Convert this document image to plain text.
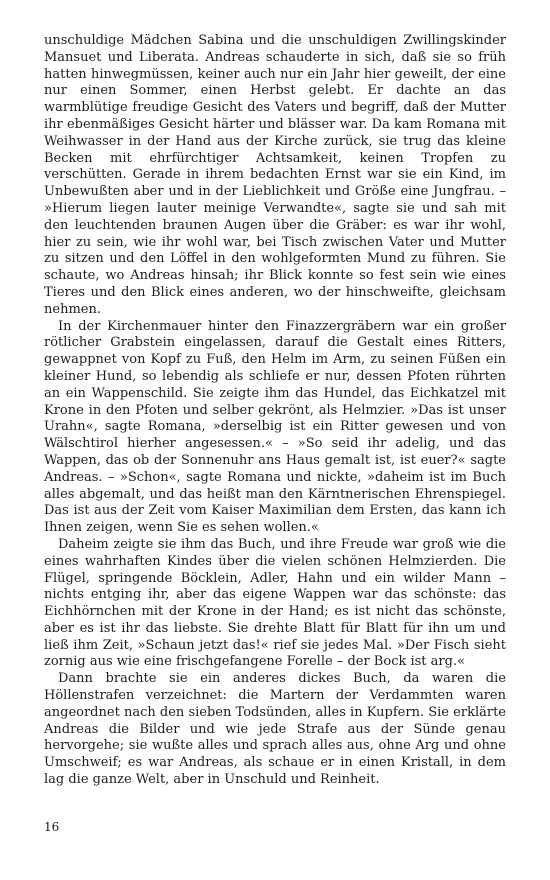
unschuldige Mädchen Sabina und die unschuldigen Zwillingskinder Mansuet und Liberata. Andreas schauderte in sich, daß sie so früh hatten hinwegmüssen, keiner auch nur ein Jahr hier geweilt, der eine nur einen Sommer, einen Herbst gelebt. Er dachte an das warmblütige freudige Gesicht des Vaters und begriff, daß der Mutter ihr ebenmäßiges Gesicht härter und blässer war. Da kam Romana mit Weihwasser in der Hand aus der Kirche zurück, sie trug das kleine Becken mit ehrfürchtiger Achtsamkeit, keinen Tropfen zu verschütten. Gerade in ihrem bedachten Ernst war sie ein Kind, im Unbewußten aber und in der Lieblichkeit und Größe eine Jungfrau. – »Hierum liegen lauter meinige Verwandte«, sagte sie und sah mit den leuchtenden braunen Augen über die Gräber: es war ihr wohl, hier zu sein, wie ihr wohl war, bei Tisch zwischen Vater und Mutter zu sitzen und den Löffel in den wohlgeformten Mund zu führen. Sie schaute, wo Andreas hinsah; ihr Blick konnte so fest sein wie eines Tieres und den Blick eines anderen, wo der hinschweifte, gleichsam nehmen.

In der Kirchenmauer hinter den Finazzergräbern war ein großer rötlicher Grabstein eingelassen, darauf die Gestalt eines Ritters, gewappnet von Kopf zu Fuß, den Helm im Arm, zu seinen Füßen ein kleiner Hund, so lebendig als schliefe er nur, dessen Pfoten rührten an ein Wappenschild. Sie zeigte ihm das Hundel, das Eichkatzel mit Krone in den Pfoten und selber gekrönt, als Helmzier. »Das ist unser Urahn«, sagte Romana, »derselbig ist ein Ritter gewesen und von Wälschtirol hierher angesessen.« – »So seid ihr adelig, und das Wappen, das ob der Sonnenuhr ans Haus gemalt ist, ist euer?« sagte Andreas. – »Schon«, sagte Romana und nickte, »daheim ist im Buch alles abgemalt, und das heißt man den Kärntnerischen Ehrenspiegel. Das ist aus der Zeit vom Kaiser Maximilian dem Ersten, das kann ich Ihnen zeigen, wenn Sie es sehen wollen.«

Daheim zeigte sie ihm das Buch, und ihre Freude war groß wie die eines wahrhaften Kindes über die vielen schönen Helmzierden. Die Flügel, springende Böcklein, Adler, Hahn und ein wilder Mann – nichts entging ihr, aber das eigene Wappen war das schönste: das Eichhörnchen mit der Krone in der Hand; es ist nicht das schönste, aber es ist ihr das liebste. Sie drehte Blatt für Blatt für ihn um und ließ ihm Zeit, »Schaun jetzt das!« rief sie jedes Mal. »Der Fisch sieht zornig aus wie eine frischgefangene Forelle – der Bock ist arg.«

Dann brachte sie ein anderes dickes Buch, da waren die Höllenstrafen verzeichnet: die Martern der Verdammten waren angeordnet nach den sieben Todsünden, alles in Kupfern. Sie erklärte Andreas die Bilder und wie jede Strafe aus der Sünde genau hervorgehe; sie wußte alles und sprach alles aus, ohne Arg und ohne Umschweif; es war Andreas, als schaue er in einen Kristall, in dem lag die ganze Welt, aber in Unschuld und Reinheit.

16
